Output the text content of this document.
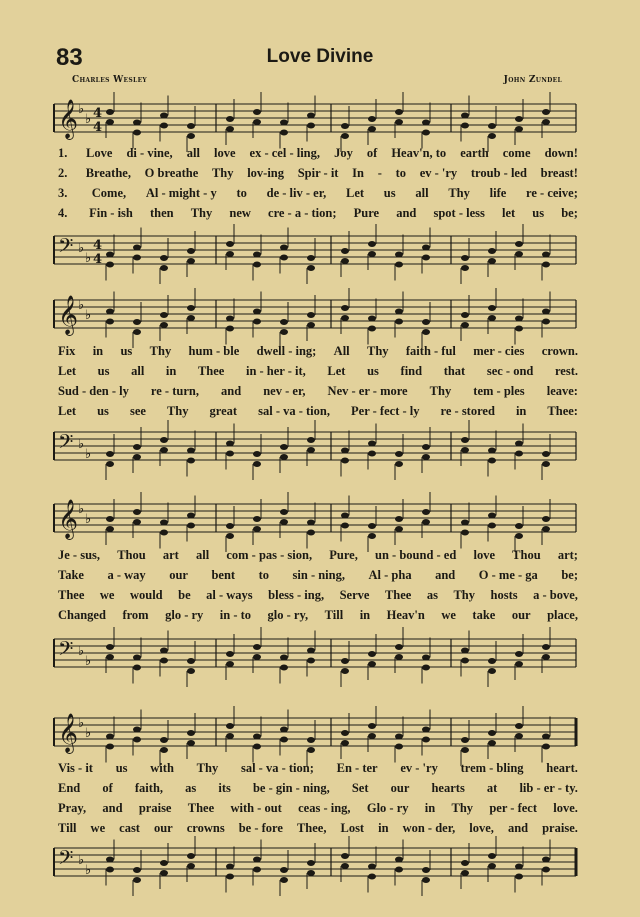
83	Love Divine
Charles Wesley	John Zundel
𝄞 ♭
♭ 4
4
1.	Love di - vine, all love ex - cel - ling, Joy of Heav'n, to earth come down!
2.	Breathe, O breathe Thy lov-ing Spir - it In - to ev - 'ry troub - led breast!
3.	Come, Al - might - y to de - liv - er, Let us all Thy life re - ceive;
4.	Fin - ish then Thy new cre - a - tion; Pure and spot - less let us be;
𝄢 ♭
♭
4
4
𝄞 ♭
♭
Fix in us Thy hum - ble dwell - ing; All Thy faith - ful mer - cies crown.
Let us all in Thee in - her - it, Let us find that sec - ond rest.
Sud - den - ly re - turn, and nev - er, Nev - er - more Thy tem - ples leave:
Let us see Thy great sal - va - tion, Per - fect - ly re - stored in Thee:
𝄢 ♭
♭
𝄞 ♭
♭
Je - sus, Thou art all com - pas - sion, Pure, un - bound - ed love Thou art;
Take a - way our bent to sin - ning, Al - pha and O - me - ga be;
Thee we would be al - ways bless - ing, Serve Thee as Thy hosts a - bove,
Changed from glo - ry in - to glo - ry, Till in Heav'n we take our place,
𝄢 ♭
♭
𝄞 ♭
♭
Vis - it us with Thy sal - va - tion; En - ter ev - 'ry trem - bling heart.
End of faith, as its be - gin - ning, Set our hearts at lib - er - ty.
Pray, and praise Thee with - out ceas - ing, Glo - ry in Thy per - fect love.
Till we cast our crowns be - fore Thee, Lost in won - der, love, and praise.
𝄢 ♭
♭
